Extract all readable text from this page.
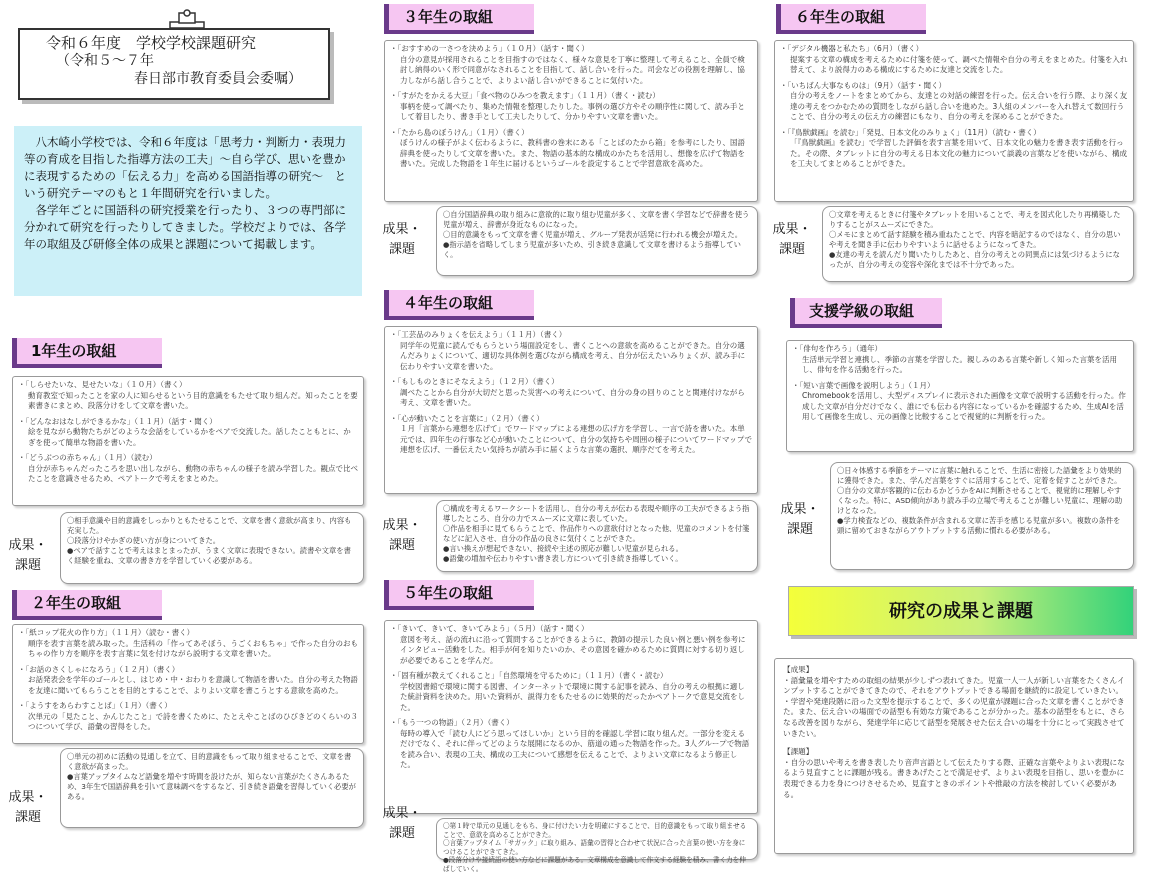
令和６年度　学校学校課題研究
（令和５～７年
春日部市教育委員会委嘱）

八木崎小学校では、令和６年度は「思考力・判断力・表現力等の育成を目指した指導方法の工夫」～自ら学び、思いを豊かに表現するための「伝える力」を高める国語指導の研究～　という研究テーマのもと１年間研究を行いました。

各学年ごとに国語科の研究授業を行ったり、３つの専門部に分かれて研究を行ったりしてきました。学校だよりでは、各学年の取組及び研修全体の成果と課題について掲載します。

1年生の取組
・「しらせたいな、見せたいな」（１０月）（書く）
動育教室で知ったことを家の人に知らせるという目的意識をもたせて取り組んだ。知ったことを要素書きにまとめ、段落分けをして文章を書いた。
・「どんなおはなしができるかな」（１１月）（話す・聞く）
絵を見ながら動物たちがどのような会話をしているかをペアで交流した。話したこともとに、かぎを使って簡単な物語を書いた。
・「どうぶつの赤ちゃん」（１月）（読む）
自分が赤ちゃんだったころを思い出しながら、動物の赤ちゃんの様子を読み学習した。観点で比べたことを意識させるため、ペアトークで考えをまとめた。
成果・
課題
〇相手意識や目的意識をしっかりともたせることで、文章を書く意欲が高まり、内容も充実した。
〇段落分けやかぎの使い方が身についてきた。
●ペアで話すことで考えはまとまったが、うまく文章に表現できない。読書や文章を書く経験を重ね、文章の書き方を学習していく必要がある。
２年生の取組
・「紙コップ花火の作り方」（１１月）（読む・書く）
順序を表す言葉を読み取った。生活科の「作ってあそぼう、うごくおもちゃ」で作った自分のおもちゃの作り方を順序を表す言葉に気を付けながら説明する文章を書いた。
・「お話のさくしゃになろう」（１２月）（書く）
お話発表会を学年のゴールとし、はじめ・中・おわりを意識して物語を書いた。自分の考えた物語を友達に聞いてもらうことを目的とすることで、よりよい文章を書こうとする意欲を高めた。
・「ようすをあらわすことば」（１月）（書く）
次単元の「見たこと、かんじたこと」で詩を書くために、たとえやことばのひびきどのくらいの３つについて学び、語彙の習得をした。
成果・
課題
〇単元の初めに活動の見通しを立て、目的意識をもって取り組ませることで、文章を書く意欲が高まった。
●言葉アップタイムなど語彙を増やす時間を設けたが、知らない言葉がたくさんあるため、3年生で国語辞典を引いて意味調べをするなど、引き続き語彙を習得していく必要がある。
３年生の取組
・「おすすめの一さつを決めよう」（１０月）（話す・聞く）
自分の意見が採用されることを目指すのではなく、様々な意見を丁寧に整理して考えること、全員で検討し納得のいく形で同意がなされることを目指して、話し合いを行った。司会などの役割を理解し、協力しながら話し合うことで、よりよい話し合いができることに気付いた。
・「すがたをかえる大豆」「食べ物のひみつを教えます」（１１月）（書く・読む）
事柄を使って調べたり、集めた情報を整理したりした。事例の選び方やその順序性に関して、読み手として着目したり、書き手として工夫したりして、分かりやすい文章を書いた。
・「たから島のぼうけん」（１月）（書く）
ぼうけんの様子がよく伝わるように、教科書の巻末にある「ことばのたから箱」を参考にしたり、国語辞典を使ったりして文章を書いた。また、物語の基本的な構成のかたちを活用し、想像を広げて物語を書いた。完成した物語を１年生に届けるというゴールを設定することで学習意欲を高めた。
成果・
課題
〇自分国語辞典の取り組みに意欲的に取り組む児童が多く、文章を書く学習などで辞書を使う児童が増え、辞書が身近なものになった。
〇目的意識をもって文章を書く児童が増え、グループ発表が活発に行われる機会が増えた。
●指示語を省略してしまう児童が多いため、引き続き意識して文章を書けるよう指導していく。
４年生の取組
・「工芸品のみりょくを伝えよう」（１１月）（書く）
同学年の児童に読んでもらうという場面設定をし、書くことへの意欲を高めることができた。自分の選んだみりょくについて、適切な具体例を選びながら構成を考え、自分が伝えたいみりょくが、読み手に伝わりやすい文章を書いた。
・「もしものときにそなえよう」（１２月）（書く）
調べたことから自分が大切だと思った災害への考えについて、自分の身の回りのことと関連付けながら考え、文章を書いた。
・「心が動いたことを言葉に」（２月）（書く）
１月「言葉から連想を広げて」でワードマップによる連想の広げ方を学習し、一言で詩を書いた。本単元では、四年生の行事など心が動いたことについて、自分の気持ちや周囲の様子についてワードマップで連想を広げ、一番伝えたい気持ちが読み手に届くような言葉の選択、順序だてを考えた。
成果・
課題
〇構成を考えるワークシートを活用し、自分の考えが伝わる表現や順序の工夫ができるよう指導したところ、自分の力でスムーズに文章に表していた。
〇作品を相手に見てもらうことで、作品作りへの意欲付けとなった他、児童のコメントを付箋などに記入させ、自分の作品の良さに気付くことができた。
●言い換えが想起できない、接続や主述の照応が難しい児童が見られる。
●語彙の増加や伝わりやすい書き表し方について引き続き指導していく。
５年生の取組
・「きいて、きいて、きいてみよう」（５月）（話す・聞く）
意図を考え、話の流れに沿って質問することができるように、教師の提示した良い例と悪い例を参考にインタビュー活動をした。相手が何を知りたいのか、その意図を確かめるために質問に対する切り返しが必要であることを学んだ。
・「固有種が教えてくれること」「自然環境を守るために」（１１月）（書く・読む）
学校図書館で環境に関する図書、インターネットで環境に関する記事を読み、自分の考えの根拠に適した統計資料を決めた。用いた資料が、説得力をもたせるのに効果的だったかペアトークで意見交流をした。
・「もう一つの物語」（２月）（書く）
毎時の導入で「読む人にどう思ってほしいか」という目的を確認し学習に取り組んだ。一部分を変えるだけでなく、それに伴ってどのような展開になるのか、筋道の通った物語を作った。3人グループで物語を読み合い、表現の工夫、構成の工夫について感想を伝えることで、よりよい文章になるよう修正した。
成果・
課題	〇第１時で単元の見通しをもち、身に付けたい力を明確にすることで、目的意識をもって取り組ませることで、意欲を高めることができた。
〇言葉アップタイム「サガック」に取り組み、語彙の習得と合わせて状況に合った言葉の使い方を身につけることができてきた。
●段落分けや接続語の使い方などに課題がある。文章構成を意識して作文する経験を積み、書く力を伸ばしていく。
６年生の取組
・「デジタル機器と私たち」（6月）（書く）
提案する文章の構成を考えるために付箋を使って、調べた情報や自分の考えをまとめた。付箋を入れ替えて、より説得力のある構成にするために友達と交流をした。
・「いちばん大事なものは」（9月）（話す・聞く）
自分の考えをノートをまとめてから、友達との対話の練習を行った。伝え合いを行う際、より深く友達の考えをつかむための質問をしながら話し合いを進めた。3人組のメンバーを入れ替えて数回行うことで、自分の考えの伝え方の練習にもなり、自分の考えを深めることができた。
・「『鳥獣戯画』を読む」「発見、日本文化のみりょく」（11月）（読む・書く）
「『鳥獣戯画』を読む」で学習した評価を表す言葉を用いて、日本文化の魅力を書き表す活動を行った。その際、タブレットに自分の考える日本文化の魅力について談義の言葉などを使いながら、構成を工夫してまとめることができた。
成果・
課題
〇文章を考えるときに付箋やタブレットを用いることで、考えを図式化したり再構築したりすることがスムーズにできた。
〇メモにまとめて話す経験を積み重ねたことで、内容を暗記するのではなく、自分の思いや考えを聞き手に伝わりやすいように話せるようになってきた。
●友達の考えを読んだり聞いたりしたあと、自分の考えとの同異点には気づけるようになったが、自分の考えの変容や深化までは不十分であった。
支援学級の取組
・「俳句を作ろう」（通年）
生活単元学習と連携し、季節の言葉を学習した。親しみのある言葉や新しく知った言葉を活用し、俳句を作る活動を行った。
・「短い言葉で画像を説明しよう」（１月）
Chromebookを活用し、大型ディスプレイに表示された画像を文章で説明する活動を行った。作成した文章が自分だけでなく、誰にでも伝わる内容になっているかを確認するため、生成AIを活用して画像を生成し、元の画像と比較することで視覚的に判断を行った。
成果・
課題
〇日々体感する季節をテーマに言葉に触れることで、生活に密接した語彙をより効果的に獲得できた。また、学んだ言葉をすぐに活用することで、定着を促すことができた。
〇自分の文章が客観的に伝わるかどうかをAIに判断させることで、視覚的に理解しやすくなった。特に、ASD傾向があり読み手の立場で考えることが難しい児童に、理解の助けとなった。
●学力検査などの、複数条件が含まれる文章に苦手を感じる児童が多い。複数の条件を頭に留めておきながらアウトプットする活動に慣れる必要がある。
研究の成果と課題
【成果】
・語彙量を増やすための取組の結果が少しずつ表れてきた。児童一人一人が新しい言葉をたくさんインプットすることができてきたので、それをアウトプットできる場面を継続的に設定していきたい。
・学習や発達段階に沿った文型を提示することで、多くの児童が課題に合った文章を書くことができた。また、伝え合いの場面での話型も有効な方策であることが分かった。基本の話型をもとに、さらなる改善を図りながら、発達学年に応じて話型を発展させた伝え合いの場を十分にとって実践させていきたい。
【課題】
・自分の思いや考えを書き表したり音声言語として伝えたりする際、正確な言葉やよりよい表現になるよう見直すことに課題が残る。書きあげたことで満足せず、よりよい表現を目指し、思いを豊かに表現できる力を身につけさせるため、見直すときのポイントや推敲の方法を検討していく必要がある。
